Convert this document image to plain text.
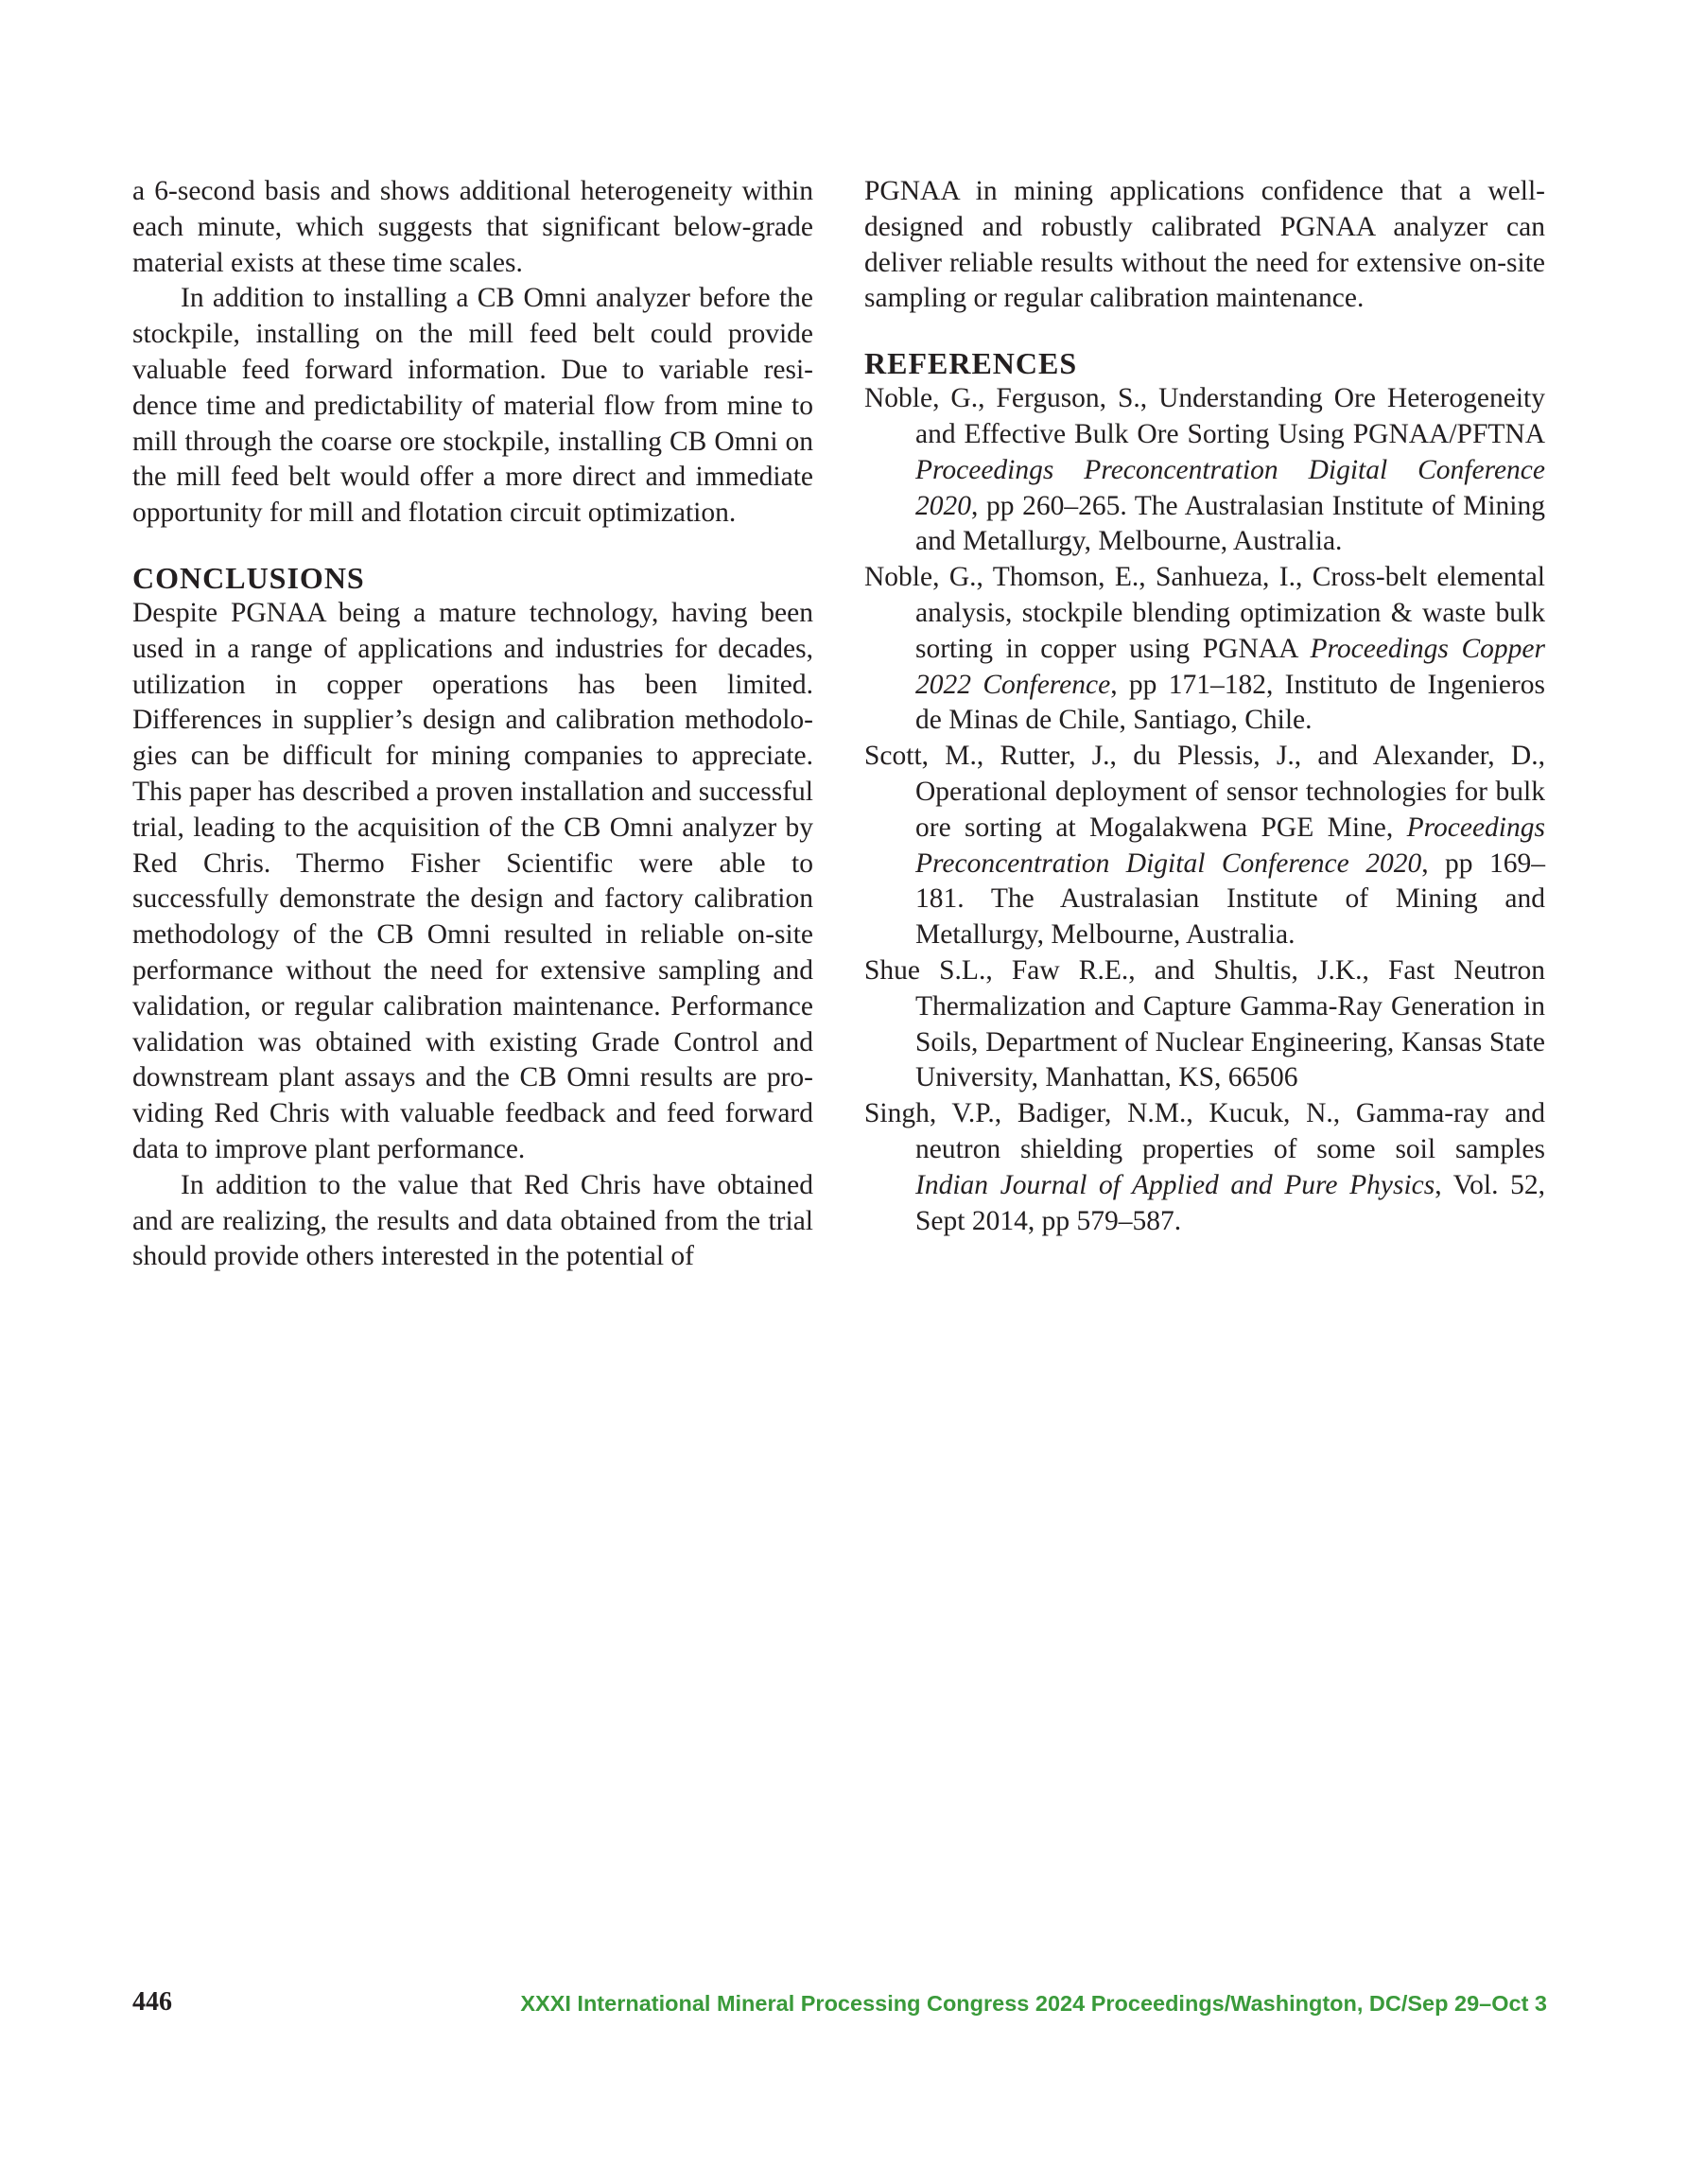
a 6-second basis and shows additional heterogeneity within each minute, which suggests that significant below-grade material exists at these time scales.

In addition to installing a CB Omni analyzer before the stockpile, installing on the mill feed belt could provide valuable feed forward information. Due to variable residence time and predictability of material flow from mine to mill through the coarse ore stockpile, installing CB Omni on the mill feed belt would offer a more direct and immediate opportunity for mill and flotation circuit optimization.

CONCLUSIONS

Despite PGNAA being a mature technology, having been used in a range of applications and industries for decades, utilization in copper operations has been limited. Differences in supplier’s design and calibration methodologies can be difficult for mining companies to appreciate. This paper has described a proven installation and successful trial, leading to the acquisition of the CB Omni analyzer by Red Chris. Thermo Fisher Scientific were able to successfully demonstrate the design and factory calibration methodology of the CB Omni resulted in reliable on-site performance without the need for extensive sampling and validation, or regular calibration maintenance. Performance validation was obtained with existing Grade Control and downstream plant assays and the CB Omni results are providing Red Chris with valuable feedback and feed forward data to improve plant performance.

In addition to the value that Red Chris have obtained and are realizing, the results and data obtained from the trial should provide others interested in the potential of

PGNAA in mining applications confidence that a well-designed and robustly calibrated PGNAA analyzer can deliver reliable results without the need for extensive on-site sampling or regular calibration maintenance.

REFERENCES

Noble, G., Ferguson, S., Understanding Ore Heterogeneity and Effective Bulk Ore Sorting Using PGNAA/PFTNA Proceedings Preconcentration Digital Conference 2020, pp 260–265. The Australasian Institute of Mining and Metallurgy, Melbourne, Australia.

Noble, G., Thomson, E., Sanhueza, I., Cross-belt elemental analysis, stockpile blending optimization & waste bulk sorting in copper using PGNAA Proceedings Copper 2022 Conference, pp 171–182, Instituto de Ingenieros de Minas de Chile, Santiago, Chile.

Scott, M., Rutter, J., du Plessis, J., and Alexander, D., Operational deployment of sensor technologies for bulk ore sorting at Mogalakwena PGE Mine, Proceedings Preconcentration Digital Conference 2020, pp 169–181. The Australasian Institute of Mining and Metallurgy, Melbourne, Australia.

Shue S.L., Faw R.E., and Shultis, J.K., Fast Neutron Thermalization and Capture Gamma-Ray Generation in Soils, Department of Nuclear Engineering, Kansas State University, Manhattan, KS, 66506

Singh, V.P., Badiger, N.M., Kucuk, N., Gamma-ray and neutron shielding properties of some soil samples Indian Journal of Applied and Pure Physics, Vol. 52, Sept 2014, pp 579–587.

446	XXXI International Mineral Processing Congress 2024 Proceedings/Washington, DC/Sep 29–Oct 3
